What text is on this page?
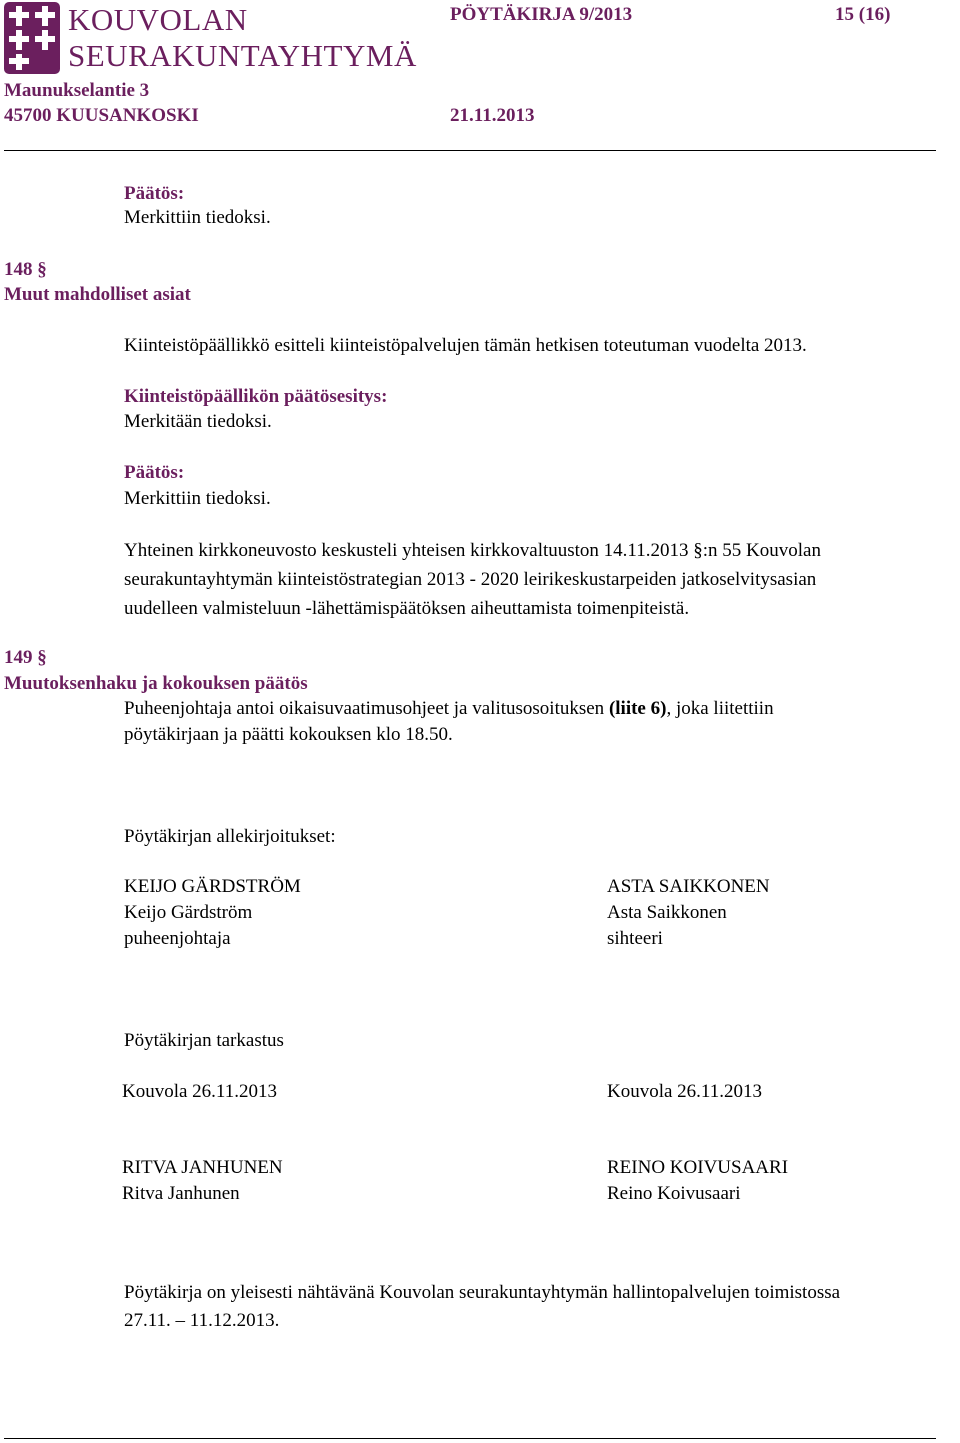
KOUVOLAN
SEURAKUNTAYHTYMÄ
Maunukselantie 3
45700 KUUSANKOSKI	21.11.2013
PÖYTÄKIRJA 9/2013	15 (16)
Päätös:
Merkittiin tiedoksi.
148 §
Muut mahdolliset asiat
Kiinteistöpäällikkö esitteli kiinteistöpalvelujen tämän hetkisen toteutuman vuodelta 2013.
Kiinteistöpäällikön päätösesitys:
Merkitään tiedoksi.
Päätös:
Merkittiin tiedoksi.
Yhteinen kirkkoneuvosto keskusteli yhteisen kirkkovaltuuston 14.11.2013 §:n 55 Kouvolan
seurakuntayhtymän kiinteistöstrategian 2013 - 2020 leirikeskustarpeiden jatkoselvitysasian
uudelleen valmisteluun -lähettämispäätöksen aiheuttamista toimenpiteistä.
149 §
Muutoksenhaku ja kokouksen päätös
Puheenjohtaja antoi oikaisuvaatimusohjeet ja valitusosoituksen (liite 6), joka liitettiin
pöytäkirjaan ja päätti kokouksen klo 18.50.
Pöytäkirjan allekirjoitukset:
KEIJO GÄRDSTRÖM
Keijo Gärdström
puheenjohtaja
ASTA SAIKKONEN
Asta Saikkonen
sihteeri
Pöytäkirjan tarkastus
Kouvola 26.11.2013	Kouvola 26.11.2013
RITVA JANHUNEN
Ritva Janhunen
REINO KOIVUSAARI
Reino Koivusaari
Pöytäkirja on yleisesti nähtävänä Kouvolan seurakuntayhtymän hallintopalvelujen toimistossa
27.11. – 11.12.2013.
